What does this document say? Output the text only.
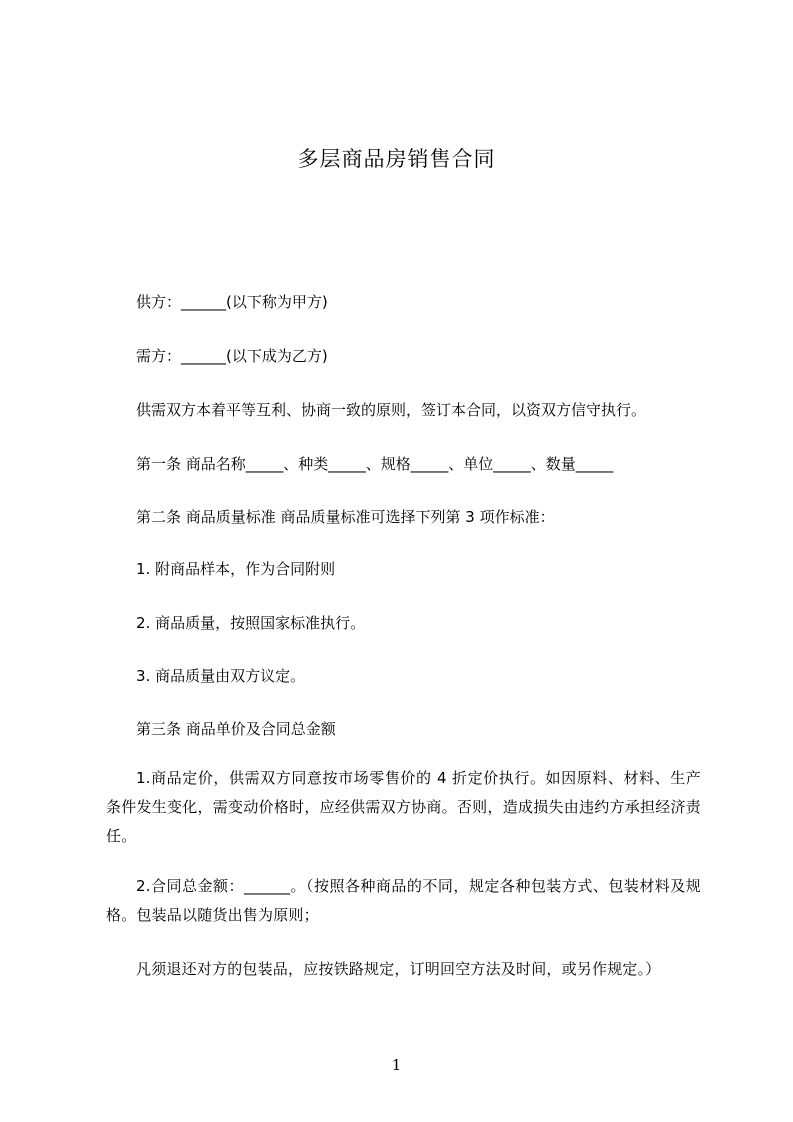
多层商品房销售合同
供方：______(以下称为甲方)
需方：______(以下成为乙方)
供需双方本着平等互利、协商一致的原则，签订本合同，以资双方信守执行。
第一条 商品名称_____、种类_____、规格_____、单位_____、数量_____
第二条 商品质量标准 商品质量标准可选择下列第 3 项作标准：
1. 附商品样本，作为合同附则
2. 商品质量，按照国家标准执行。
3. 商品质量由双方议定。
第三条 商品单价及合同总金额
1.商品定价，供需双方同意按市场零售价的 4 折定价执行。如因原料、材料、生产条件发生变化，需变动价格时，应经供需双方协商。否则，造成损失由违约方承担经济责任。
2.合同总金额：______。（按照各种商品的不同，规定各种包装方式、包装材料及规格。包装品以随货出售为原则；
凡须退还对方的包装品，应按铁路规定，订明回空方法及时间，或另作规定。）
1
